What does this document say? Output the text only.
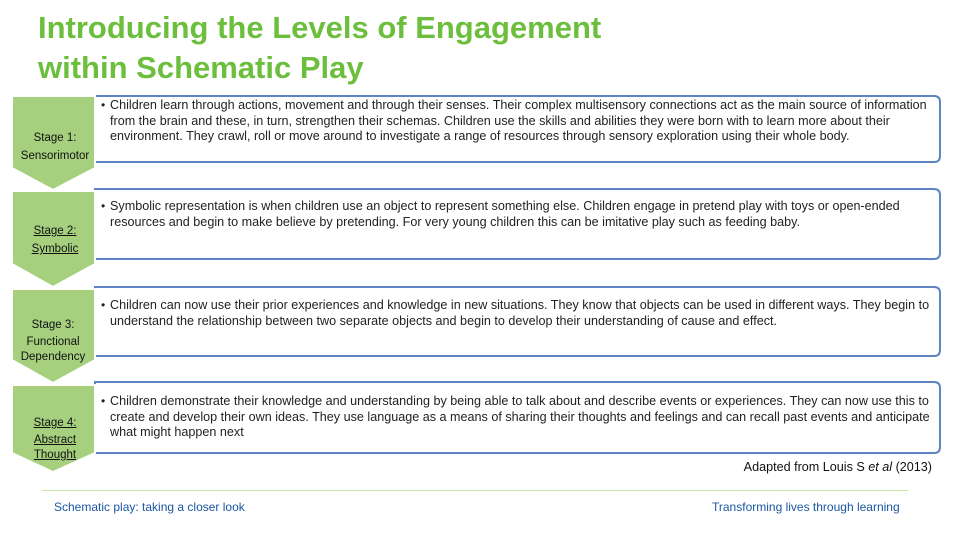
Introducing the Levels of Engagement
within Schematic Play
Stage 1:
Sensorimotor
Stage 2:
Symbolic
Stage 3:
Functional
Dependency
Stage 4:
Abstract
Thought
• Children learn through actions, movement and through their senses. Their complex multisensory connections act as the main source of information from the brain and these, in turn, strengthen their schemas. Children use the skills and abilities they were born with to learn more about their environment. They crawl, roll or move around to investigate a range of resources through sensory exploration using their whole body.
• Symbolic representation is when children use an object to represent something else. Children engage in pretend play with toys or open-ended resources and begin to make believe by pretending. For very young children this can be imitative play such as feeding baby.
• Children can now use their prior experiences and knowledge in new situations. They know that objects can be used in different ways. They begin to understand the relationship between two separate objects and begin to develop their understanding of cause and effect.
• Children demonstrate their knowledge and understanding by being able to talk about and describe events or experiences. They can now use this to create and develop their own ideas. They use language as a means of sharing their thoughts and feelings and can recall past events and anticipate what might happen next
Adapted from Louis S et al (2013)
Schematic play: taking a closer look	Transforming lives through learning
